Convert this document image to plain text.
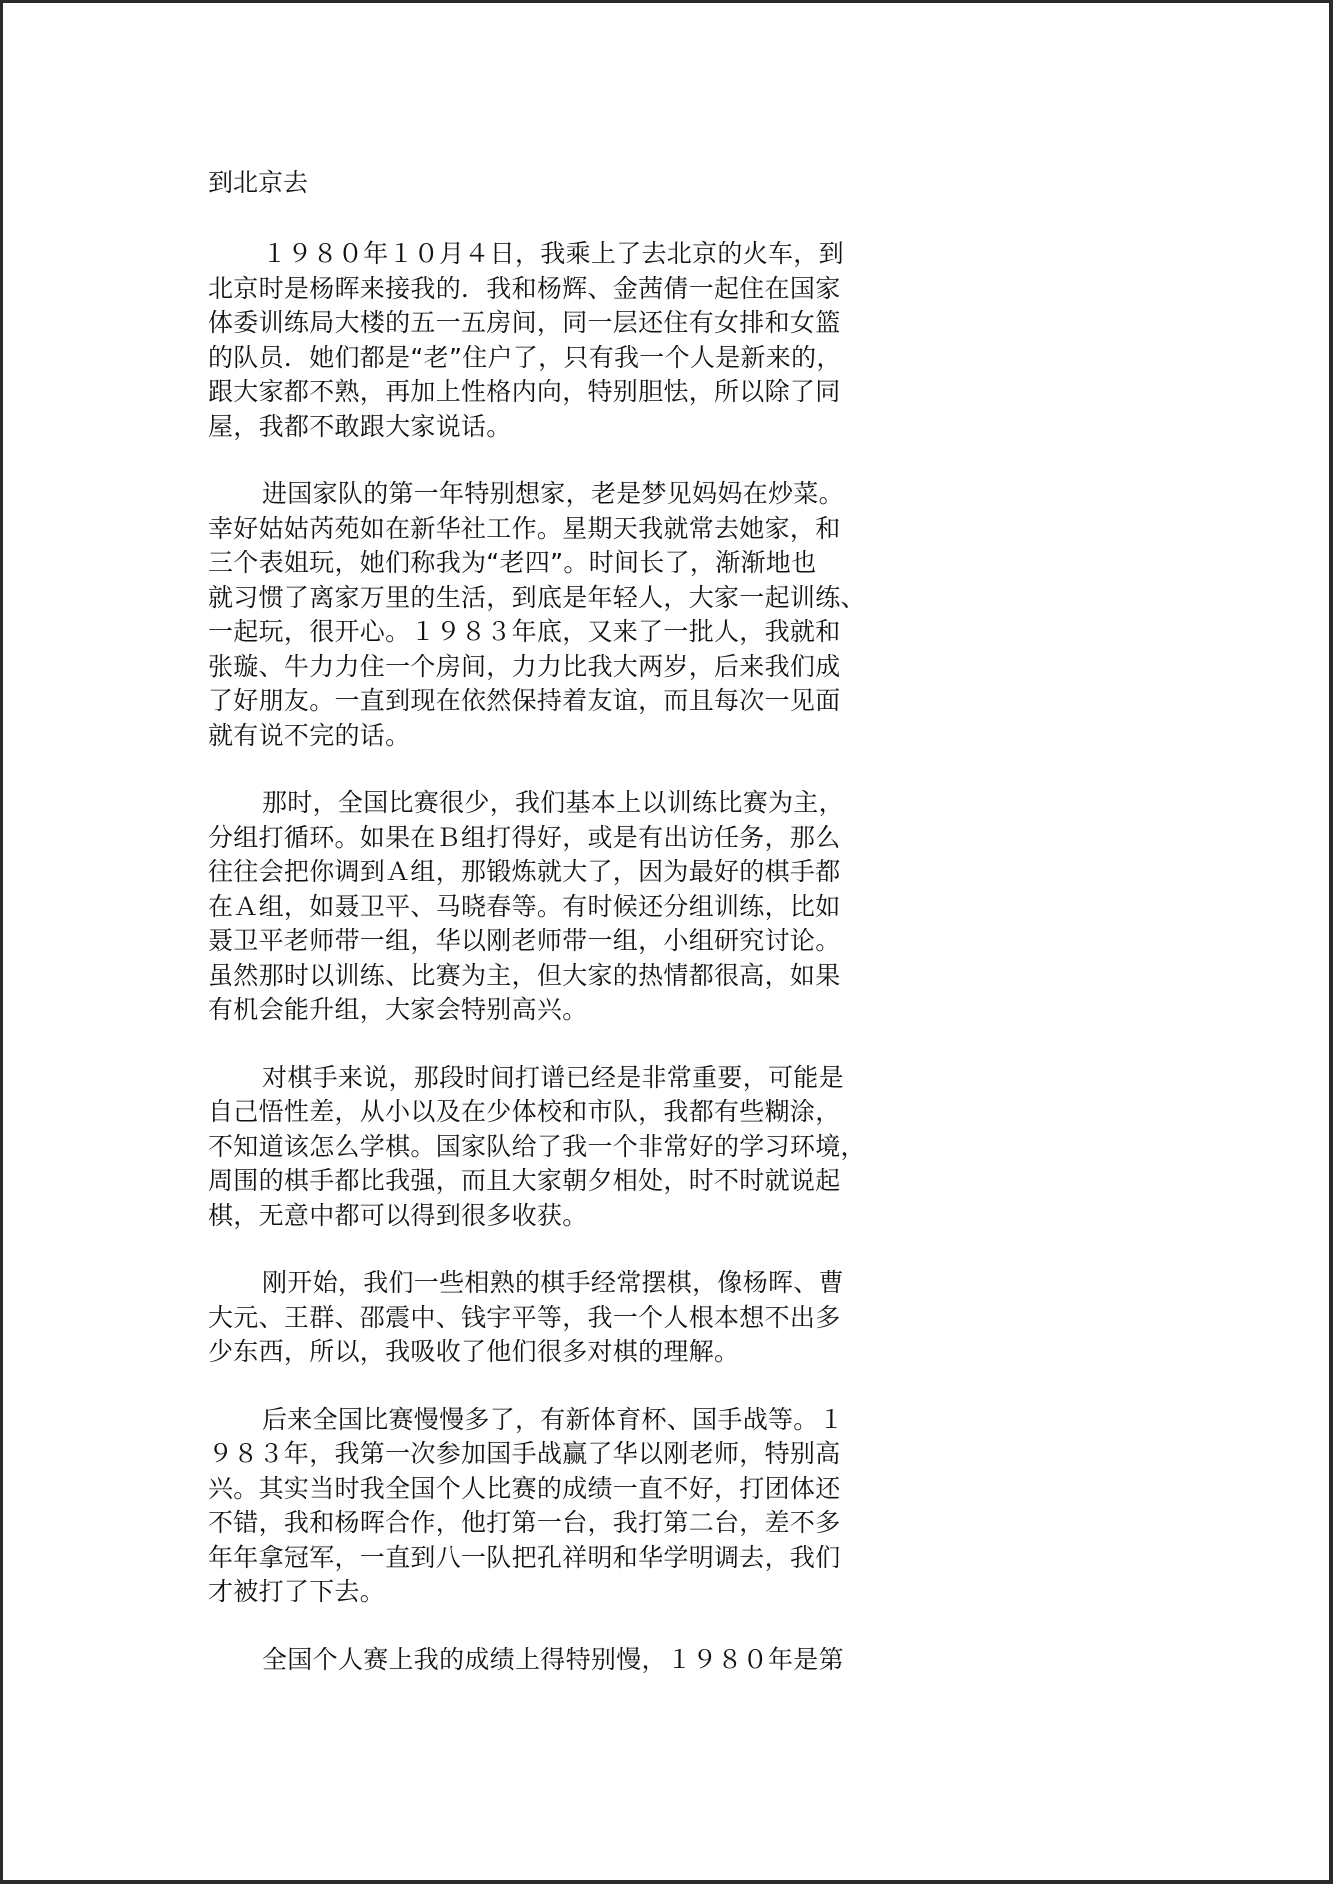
到北京去
１９８０年１０月４日，我乘上了去北京的火车，到
北京时是杨晖来接我的．我和杨辉、金茜倩一起住在国家
体委训练局大楼的五一五房间，同一层还住有女排和女篮
的队员．她们都是“老”住户了，只有我一个人是新来的，
跟大家都不熟，再加上性格内向，特别胆怯，所以除了同
屋，我都不敢跟大家说话。
进国家队的第一年特别想家，老是梦见妈妈在炒菜。
幸好姑姑芮苑如在新华社工作。星期天我就常去她家，和
三个表姐玩，她们称我为“老四”。时间长了，渐渐地也
就习惯了离家万里的生活，到底是年轻人，大家一起训练、
一起玩，很开心。１９８３年底，又来了一批人，我就和
张璇、牛力力住一个房间，力力比我大两岁，后来我们成
了好朋友。一直到现在依然保持着友谊，而且每次一见面
就有说不完的话。
那时，全国比赛很少，我们基本上以训练比赛为主，
分组打循环。如果在Ｂ组打得好，或是有出访任务，那么
往往会把你调到Ａ组，那锻炼就大了，因为最好的棋手都
在Ａ组，如聂卫平、马晓春等。有时候还分组训练，比如
聂卫平老师带一组，华以刚老师带一组，小组研究讨论。
虽然那时以训练、比赛为主，但大家的热情都很高，如果
有机会能升组，大家会特别高兴。
对棋手来说，那段时间打谱已经是非常重要，可能是
自己悟性差，从小以及在少体校和市队，我都有些糊涂，
不知道该怎么学棋。国家队给了我一个非常好的学习环境，
周围的棋手都比我强，而且大家朝夕相处，时不时就说起
棋，无意中都可以得到很多收获。
刚开始，我们一些相熟的棋手经常摆棋，像杨晖、曹
大元、王群、邵震中、钱宇平等，我一个人根本想不出多
少东西，所以，我吸收了他们很多对棋的理解。
后来全国比赛慢慢多了，有新体育杯、国手战等。１
９８３年，我第一次参加国手战赢了华以刚老师，特别高
兴。其实当时我全国个人比赛的成绩一直不好，打团体还
不错，我和杨晖合作，他打第一台，我打第二台，差不多
年年拿冠军，一直到八一队把孔祥明和华学明调去，我们
才被打了下去。
全国个人赛上我的成绩上得特别慢，１９８０年是第
